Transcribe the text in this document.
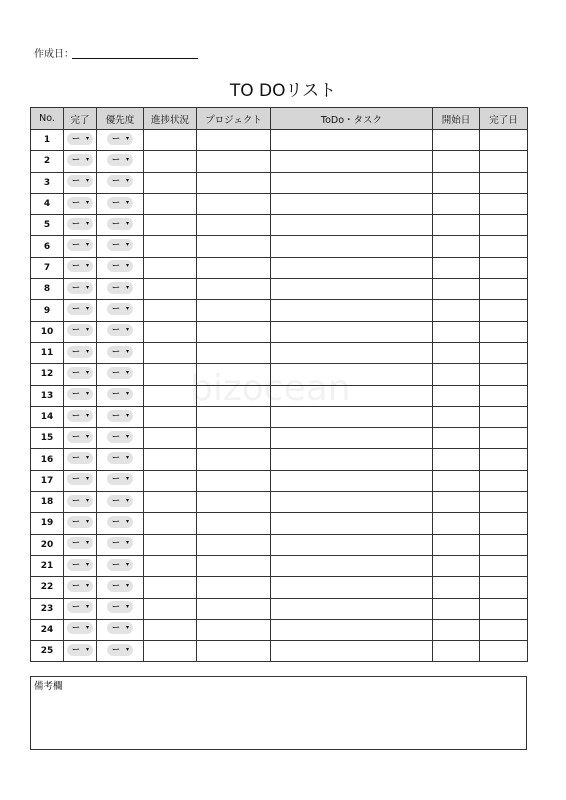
作成日：
TO DOリスト
bizocean
No.	完了	優先度	進捗状況	プロジェクト	ToDo・タスク	開始日	完了日
1	ー ▾	ー ▾					

2	ー ▾	ー ▾					

3	ー ▾	ー ▾					

4	ー ▾	ー ▾					

5	ー ▾	ー ▾					

6	ー ▾	ー ▾					

7	ー ▾	ー ▾					

8	ー ▾	ー ▾					

9	ー ▾	ー ▾					

10	ー ▾	ー ▾					

11	ー ▾	ー ▾					

12	ー ▾	ー ▾					

13	ー ▾	ー ▾					

14	ー ▾	ー ▾					

15	ー ▾	ー ▾					

16	ー ▾	ー ▾					

17	ー ▾	ー ▾					

18	ー ▾	ー ▾					

19	ー ▾	ー ▾					

20	ー ▾	ー ▾					

21	ー ▾	ー ▾					

22	ー ▾	ー ▾					

23	ー ▾	ー ▾					

24	ー ▾	ー ▾					

25	ー ▾	ー ▾					

備考欄
